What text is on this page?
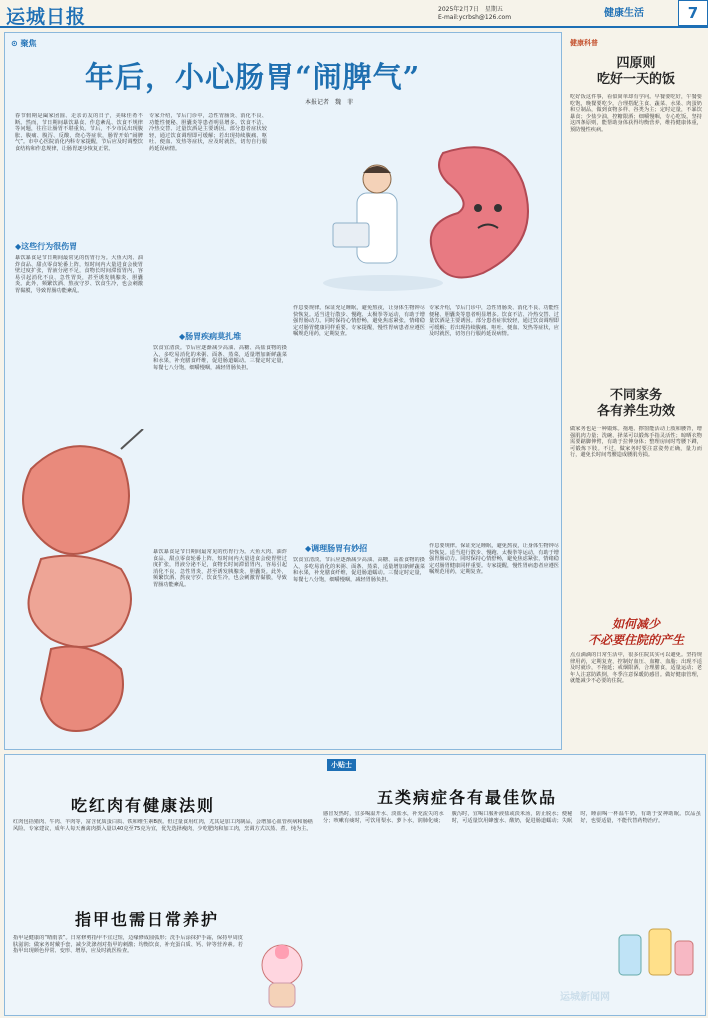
运城日报	2025年2月7日　星期五
E-mail:ycrbsh@126.com	健康生活	7
⊙ 聚焦
年后，小心肠胃“闹脾气”
本报记者　魏　菲
春节假期是阖家团圆、走亲访友的日子，美味佳肴不断。然而，节日期间暴饮暴食、作息紊乱、饮食不规律等问题，往往让肠胃不堪重负。节后，不少市民出现腹胀、腹痛、腹泻、反酸、烧心等症状，肠胃开始“闹脾气”。市中心医院消化内科专家提醒，节后应及时调整饮食结构和作息规律，让肠胃逐步恢复正常。
◆这些行为很伤胃
暴饮暴食是节日期间最常见的伤胃行为。大鱼大肉、油炸食品、甜点零食轮番上阵，短时间内大量进食会使胃壁过度扩张，胃液分泌不足，食物长时间滞留胃内，容易引起消化不良、急性胃炎，甚至诱发胰腺炎、胆囊炎。此外，频繁饮酒、熬夜守岁、饮食生冷，也会刺激胃黏膜，导致胃肠功能紊乱。
专家介绍，节后门诊中，急性胃肠炎、消化不良、功能性便秘、胆囊炎等患者明显增多。饮食不洁、冷热交替、过量饮酒是主要诱因。部分患者症状较轻，通过饮食调理即可缓解；若出现持续腹痛、呕吐、便血、发热等症状，应及时就医，切勿自行服药延误病情。
◆肠胃疾病莫扎堆
饮食宜清淡。节后应逐渐减少高油、高糖、高盐食物的摄入，多吃易消化的米粥、面条、蒸菜，适量增加新鲜蔬菜和水果，补充膳食纤维，促进肠道蠕动。三餐定时定量，每餐七八分饱，细嚼慢咽，减轻胃肠负担。
作息要规律。保证充足睡眠，避免熬夜，让身体生物钟尽快恢复。适当进行散步、慢跑、太极拳等运动，有助于增强胃肠动力。同时保持心情舒畅，避免焦虑紧张，情绪稳定对肠胃健康同样重要。专家提醒，慢性胃病患者应遵医嘱规范用药，定期复查。
专家介绍，节后门诊中，急性胃肠炎、消化不良、功能性便秘、胆囊炎等患者明显增多。饮食不洁、冷热交替、过量饮酒是主要诱因。部分患者症状较轻，通过饮食调理即可缓解；若出现持续腹痛、呕吐、便血、发热等症状，应及时就医，切勿自行服药延误病情。
◆调理肠胃有妙招
饮食宜清淡。节后应逐渐减少高油、高糖、高盐食物的摄入，多吃易消化的米粥、面条、蒸菜，适量增加新鲜蔬菜和水果，补充膳食纤维，促进肠道蠕动。三餐定时定量，每餐七八分饱，细嚼慢咽，减轻胃肠负担。
作息要规律。保证充足睡眠，避免熬夜，让身体生物钟尽快恢复。适当进行散步、慢跑、太极拳等运动，有助于增强胃肠动力。同时保持心情舒畅，避免焦虑紧张，情绪稳定对肠胃健康同样重要。专家提醒，慢性胃病患者应遵医嘱规范用药，定期复查。
暴饮暴食是节日期间最常见的伤胃行为。大鱼大肉、油炸食品、甜点零食轮番上阵，短时间内大量进食会使胃壁过度扩张，胃液分泌不足，食物长时间滞留胃内，容易引起消化不良、急性胃炎，甚至诱发胰腺炎、胆囊炎。此外，频繁饮酒、熬夜守岁、饮食生冷，也会刺激胃黏膜，导致胃肠功能紊乱。
健康科普
四原则
吃好一天的饭
吃好饭这件事，看似简单却有学问。早餐要吃好，午餐要吃饱，晚餐要吃少。合理搭配主食、蔬菜、水果、肉蛋奶和豆制品，做到食物多样、谷类为主；定时定量，不暴饮暴食；少盐少油，控糖限酒；细嚼慢咽，专心吃饭。坚持这四条原则，能帮助身体获得均衡营养，维持健康体重，预防慢性疾病。
不同家务
各有养生功效
做家务也是一种锻炼。拖地、擦窗能活动上肢和腰背，增强肌肉力量；洗碗、择菜可以锻炼手指灵活性；晾晒衣物需要踮脚伸臂，有助于拉伸身体；整理房间时弯腰下蹲，可锻炼下肢。不过，做家务时要注意姿势正确，量力而行，避免长时间弯腰造成腰肌劳损。
如何减少
不必要住院的产生
点点滴滴的日常生活中，很多住院其实可以避免。坚持规律用药，定期复查，控制好血压、血糖、血脂；出现不适及时就诊，不拖延；戒烟限酒，合理膳食，适量运动；老年人注意防跌倒，冬季注意保暖防感冒。做好健康管理，就能减少不必要的住院。
吃红肉有健康法则
红肉包括猪肉、牛肉、羊肉等，富含优质蛋白质、铁和维生素B族。但过量食用红肉，尤其是加工肉制品，会增加心血管疾病和肠癌风险。专家建议，成年人每天畜禽肉摄入量以40克至75克为宜，优先选择瘦肉，少吃肥肉和加工肉，烹调方式以蒸、煮、炖为主。
指甲也需日常养护
指甲是健康的“晴雨表”。日常修剪指甲不宜过短，边缘修成圆弧形；洗手后涂抹护手霜，保持甲周皮肤滋润；做家务时戴手套，减少洗涤剂对指甲的刺激；均衡饮食，补充蛋白质、钙、锌等营养素。若指甲出现颜色异常、变形、增厚，应及时就医检查。
小贴士
五类病症各有最佳饮品
感冒发热时，宜多喝温开水、淡盐水，补充流失的水分；咳嗽有痰时，可饮用梨水、萝卜水，润肺化痰；腹泻时，宜喝口服补液盐或淡米汤，防止脱水；便秘时，可适量饮用蜂蜜水、酸奶，促进肠道蠕动；失眠时，睡前喝一杯温牛奶，有助于安神助眠。饮品虽好，也要适量，不能代替药物治疗。
运城新闻网
